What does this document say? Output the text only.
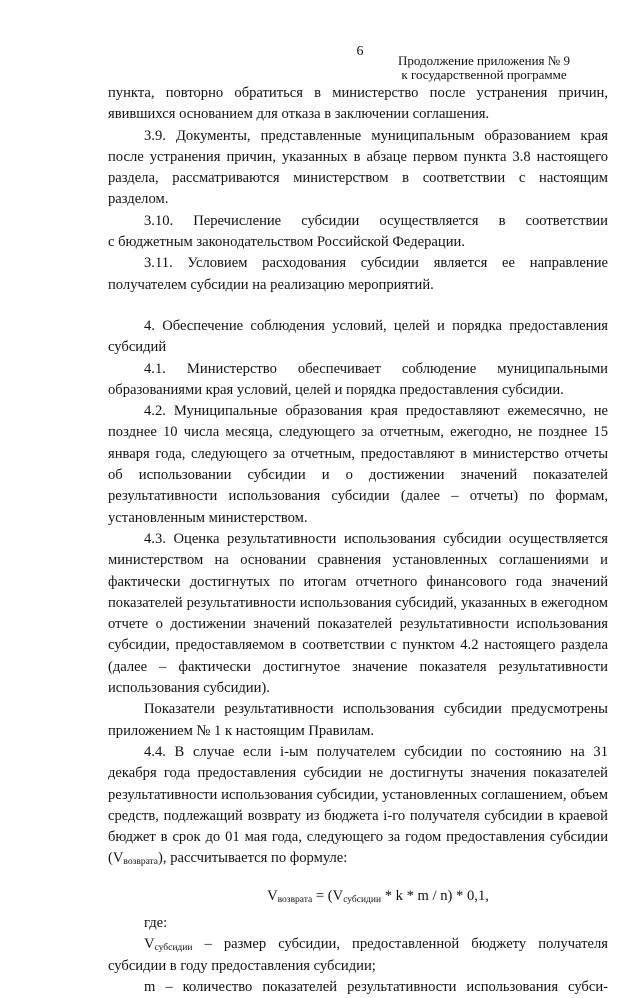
6
Продолжение приложения № 9
к государственной программе

пункта, повторно обратиться в министерство после устранения причин, явившихся основанием для отказа в заключении соглашения.

3.9. Документы, представленные муниципальным образованием края после устранения причин, указанных в абзаце первом пункта 3.8 настоящего раздела, рассматриваются министерством в соответствии с настоящим разделом.

3.10. Перечисление субсидии осуществляется в соответствии

с бюджетным законодательством Российской Федерации.

3.11. Условием расходования субсидии является ее направление получателем субсидии на реализацию мероприятий.

4. Обеспечение соблюдения условий, целей и порядка предоставления субсидий

4.1. Министерство обеспечивает соблюдение муниципальными образованиями края условий, целей и порядка предоставления субсидии.

4.2. Муниципальные образования края предоставляют ежемесячно, не позднее 10 числа месяца, следующего за отчетным, ежегодно, не позднее 15 января года, следующего за отчетным, предоставляют в министерство отчеты об использовании субсидии и о достижении значений показателей результативности использования субсидии (далее – отчеты) по формам, установленным министерством.

4.3. Оценка результативности использования субсидии осуществляется министерством на основании сравнения установленных соглашениями и фактически достигнутых по итогам отчетного финансового года значений показателей результативности использования субсидий, указанных в ежегодном отчете о достижении значений показателей результативности использования субсидии, предоставляемом в соответствии с пунктом 4.2 настоящего раздела (далее – фактически достигнутое значение показателя результативности использования субсидии).

Показатели результативности использования субсидии предусмотрены приложением № 1 к настоящим Правилам.

4.4. В случае если i-ым получателем субсидии по состоянию на 31 декабря года предоставления субсидии не достигнуты значения показателей результативности использования субсидии, установленных соглашением, объем средств, подлежащий возврату из бюджета i-го получателя субсидии в краевой бюджет в срок до 01 мая года, следующего за годом предоставления субсидии $(V_{возврата})$, рассчитывается по формуле:

$V_{возврата} = (V_{субсидии} * k * m / n) * 0,1$,

где:

$V_{субсидии}$ – размер субсидии, предоставленной бюджету получателя субсидии в году предоставления субсидии;

m – количество показателей результативности использования субси-
